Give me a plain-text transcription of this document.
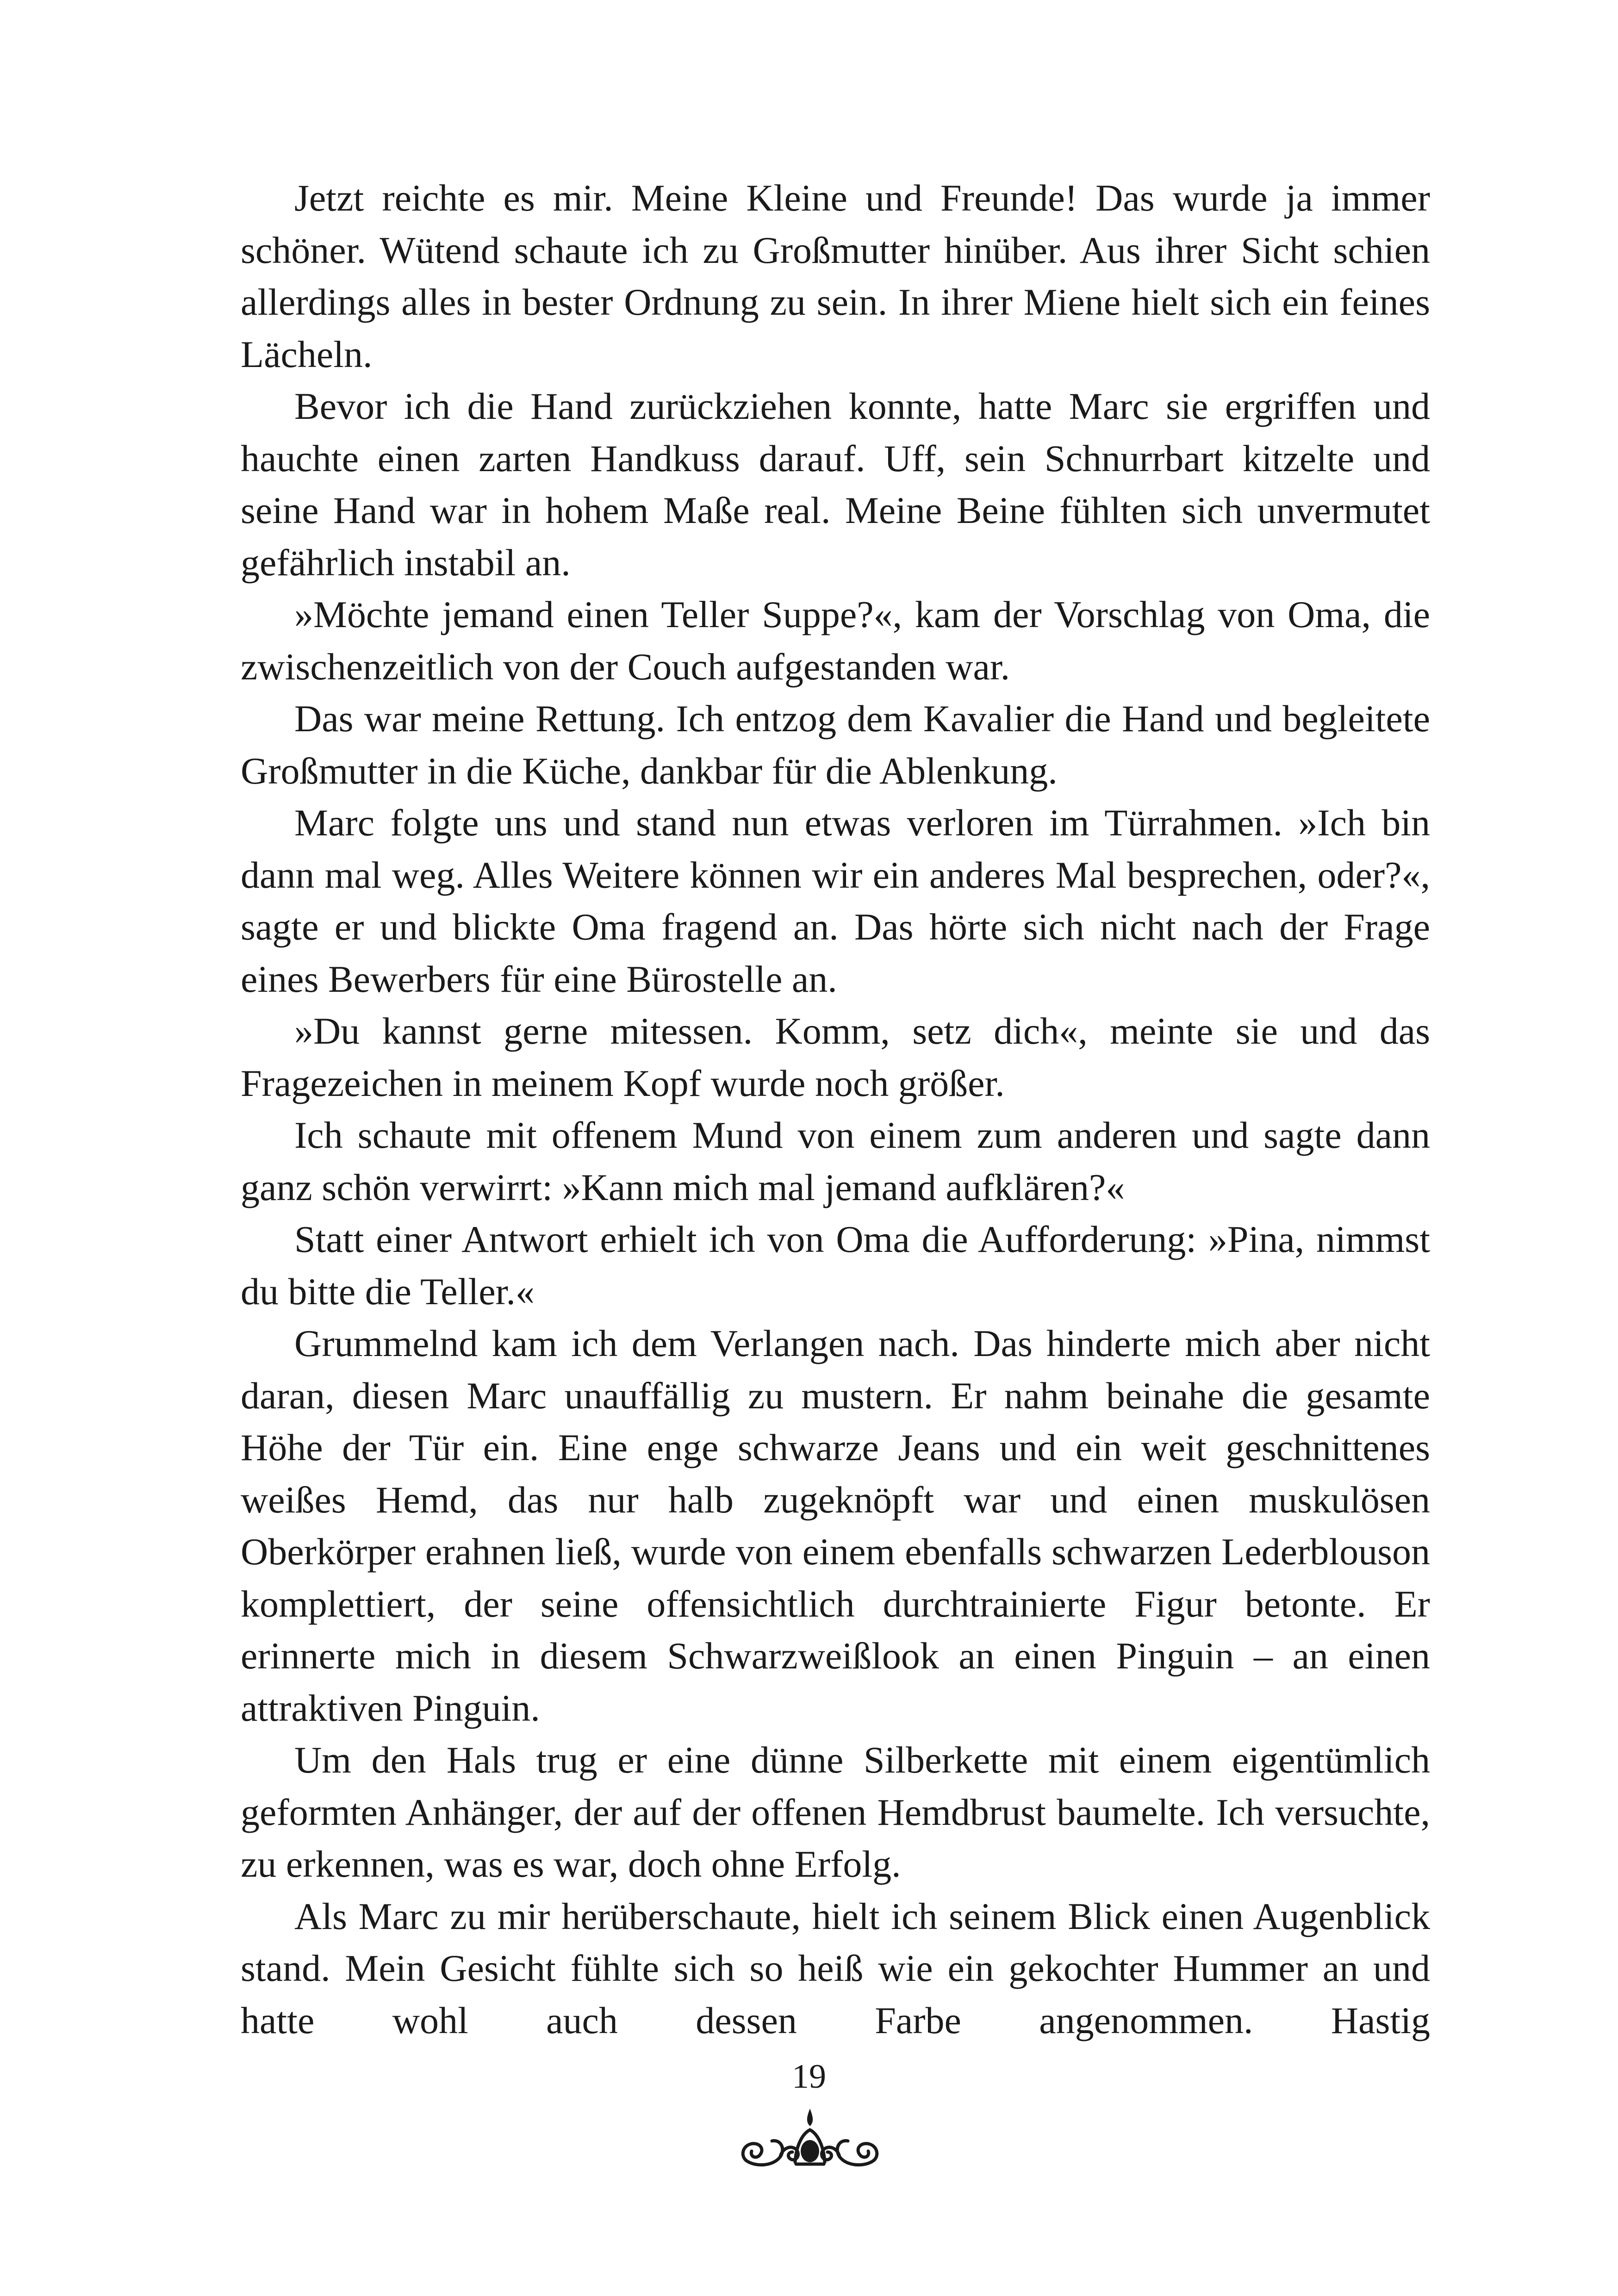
Jetzt reichte es mir. Meine Kleine und Freunde! Das wurde ja immer schöner. Wütend schaute ich zu Großmutter hinüber. Aus ihrer Sicht schien allerdings alles in bester Ordnung zu sein. In ihrer Miene hielt sich ein feines Lächeln.

Bevor ich die Hand zurückziehen konnte, hatte Marc sie ergriffen und hauchte einen zarten Handkuss darauf. Uff, sein Schnurrbart kitzelte und seine Hand war in hohem Maße real. Meine Beine fühlten sich unvermutet gefährlich instabil an.

»Möchte jemand einen Teller Suppe?«, kam der Vorschlag von Oma, die zwischenzeitlich von der Couch aufgestanden war.

Das war meine Rettung. Ich entzog dem Kavalier die Hand und begleitete Großmutter in die Küche, dankbar für die Ablenkung.

Marc folgte uns und stand nun etwas verloren im Türrahmen. »Ich bin dann mal weg. Alles Weitere können wir ein anderes Mal besprechen, oder?«, sagte er und blickte Oma fragend an. Das hörte sich nicht nach der Frage eines Bewerbers für eine Bürostelle an.

»Du kannst gerne mitessen. Komm, setz dich«, meinte sie und das Fragezeichen in meinem Kopf wurde noch größer.

Ich schaute mit offenem Mund von einem zum anderen und sagte dann ganz schön verwirrt: »Kann mich mal jemand aufklären?«

Statt einer Antwort erhielt ich von Oma die Aufforderung: »Pina, nimmst du bitte die Teller.«

Grummelnd kam ich dem Verlangen nach. Das hinderte mich aber nicht daran, diesen Marc unauffällig zu mustern. Er nahm beinahe die gesamte Höhe der Tür ein. Eine enge schwarze Jeans und ein weit geschnittenes weißes Hemd, das nur halb zugeknöpft war und einen muskulösen Oberkörper erahnen ließ, wurde von einem ebenfalls schwarzen Lederblouson komplettiert, der seine offensichtlich durchtrainierte Figur betonte. Er erinnerte mich in diesem Schwarzweißlook an einen Pinguin – an einen attraktiven Pinguin.

Um den Hals trug er eine dünne Silberkette mit einem eigentümlich geformten Anhänger, der auf der offenen Hemdbrust baumelte. Ich versuchte, zu erkennen, was es war, doch ohne Erfolg.

Als Marc zu mir herüberschaute, hielt ich seinem Blick einen Augenblick stand. Mein Gesicht fühlte sich so heiß wie ein gekochter Hummer an und hatte wohl auch dessen Farbe angenommen. Hastig

19
